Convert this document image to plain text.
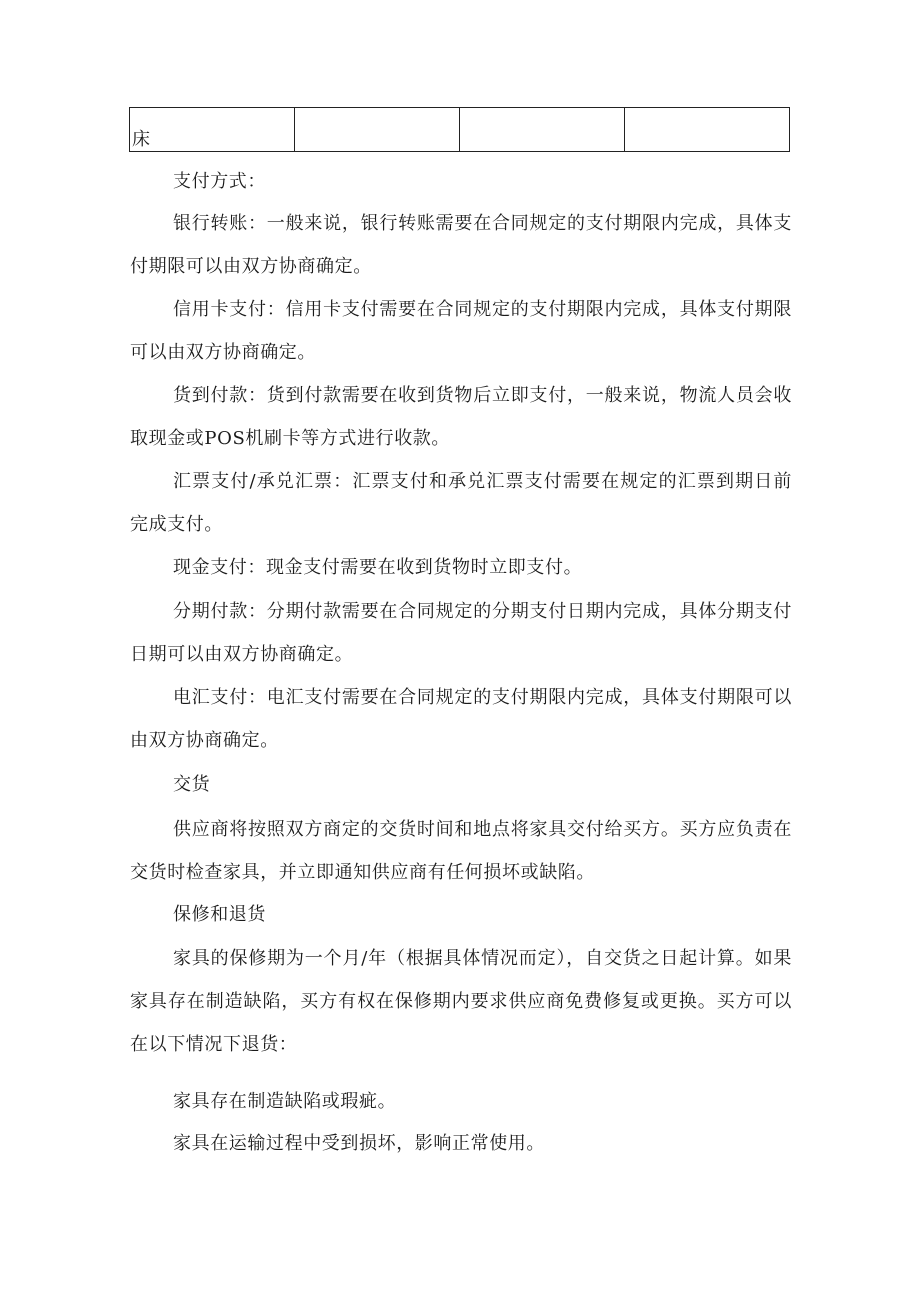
床			

支付方式：

银行转账：一般来说，银行转账需要在合同规定的支付期限内完成，具体支付期限可以由双方协商确定。

信用卡支付：信用卡支付需要在合同规定的支付期限内完成，具体支付期限可以由双方协商确定。

货到付款：货到付款需要在收到货物后立即支付，一般来说，物流人员会收取现金或POS机刷卡等方式进行收款。

汇票支付/承兑汇票：汇票支付和承兑汇票支付需要在规定的汇票到期日前完成支付。

现金支付：现金支付需要在收到货物时立即支付。

分期付款：分期付款需要在合同规定的分期支付日期内完成，具体分期支付日期可以由双方协商确定。

电汇支付：电汇支付需要在合同规定的支付期限内完成，具体支付期限可以由双方协商确定。

交货

供应商将按照双方商定的交货时间和地点将家具交付给买方。买方应负责在交货时检查家具，并立即通知供应商有任何损坏或缺陷。

保修和退货

家具的保修期为一个月/年（根据具体情况而定），自交货之日起计算。如果家具存在制造缺陷，买方有权在保修期内要求供应商免费修复或更换。买方可以在以下情况下退货：

家具存在制造缺陷或瑕疵。

家具在运输过程中受到损坏，影响正常使用。
